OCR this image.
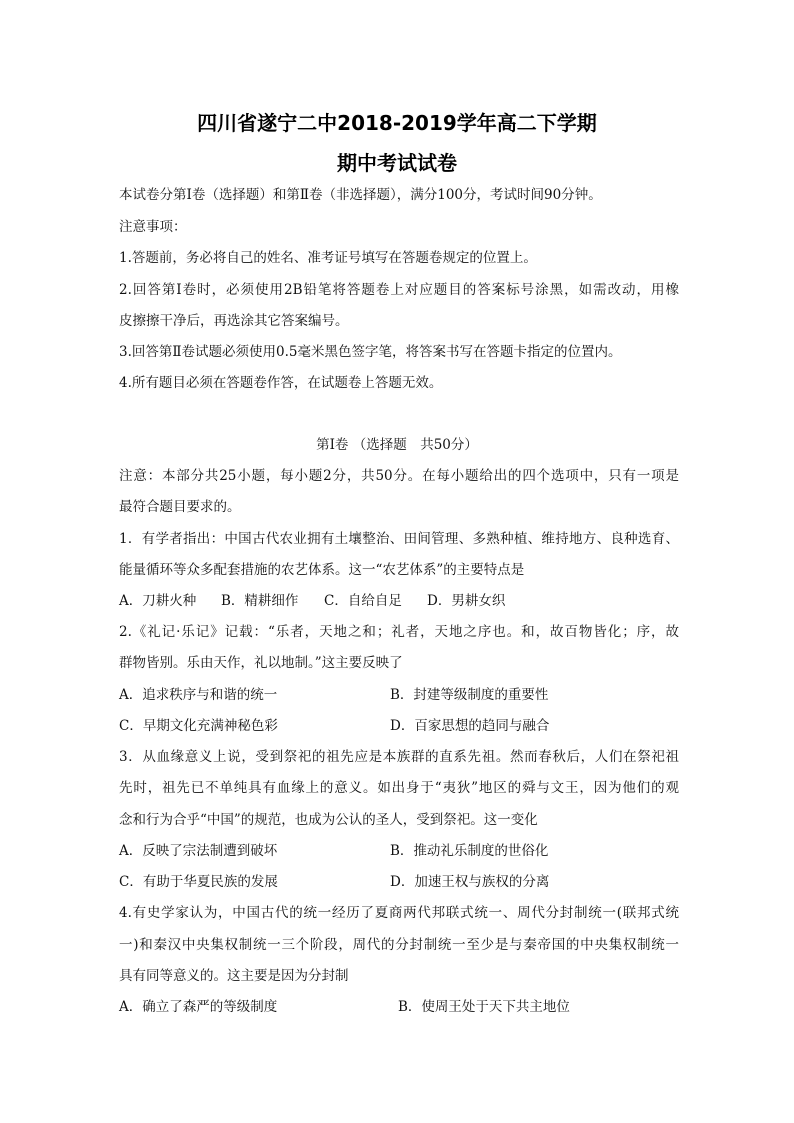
四川省遂宁二中2018-2019学年高二下学期
期中考试试卷
本试卷分第Ⅰ卷（选择题）和第Ⅱ卷（非选择题），满分100分，考试时间90分钟。
注意事项：
1.答题前，务必将自己的姓名、准考证号填写在答题卷规定的位置上。
2.回答第Ⅰ卷时，必须使用2B铅笔将答题卷上对应题目的答案标号涂黑，如需改动，用橡
皮擦擦干净后，再选涂其它答案编号。
3.回答第Ⅱ卷试题必须使用0.5毫米黑色签字笔，将答案书写在答题卡指定的位置内。
4.所有题目必须在答题卷作答，在试题卷上答题无效。
第Ⅰ卷 （选择题　共50分）
注意：本部分共25小题，每小题2分，共50分。在每小题给出的四个选项中，只有一项是
最符合题目要求的。
1．有学者指出：中国古代农业拥有土壤整治、田间管理、多熟种植、维持地方、良种选育、
能量循环等众多配套措施的农艺体系。这一“农艺体系”的主要特点是
A．刀耕火种 B．精耕细作 C．自给自足 D．男耕女织
2.《礼记·乐记》记载：“乐者，天地之和；礼者，天地之序也。和，故百物皆化；序，故
群物皆别。乐由天作，礼以地制。”这主要反映了
A．追求秩序与和谐的统一	B．封建等级制度的重要性
C．早期文化充满神秘色彩	D．百家思想的趋同与融合
3．从血缘意义上说，受到祭祀的祖先应是本族群的直系先祖。然而春秋后，人们在祭祀祖
先时，祖先已不单纯具有血缘上的意义。如出身于“夷狄”地区的舜与文王，因为他们的观
念和行为合乎“中国”的规范，也成为公认的圣人，受到祭祀。这一变化
A．反映了宗法制遭到破坏	B．推动礼乐制度的世俗化
C．有助于华夏民族的发展	D．加速王权与族权的分离
4.有史学家认为，中国古代的统一经历了夏商两代邦联式统一、周代分封制统一(联邦式统
一)和秦汉中央集权制统一三个阶段，周代的分封制统一至少是与秦帝国的中央集权制统一
具有同等意义的。这主要是因为分封制
A．确立了森严的等级制度	B．使周王处于天下共主地位
